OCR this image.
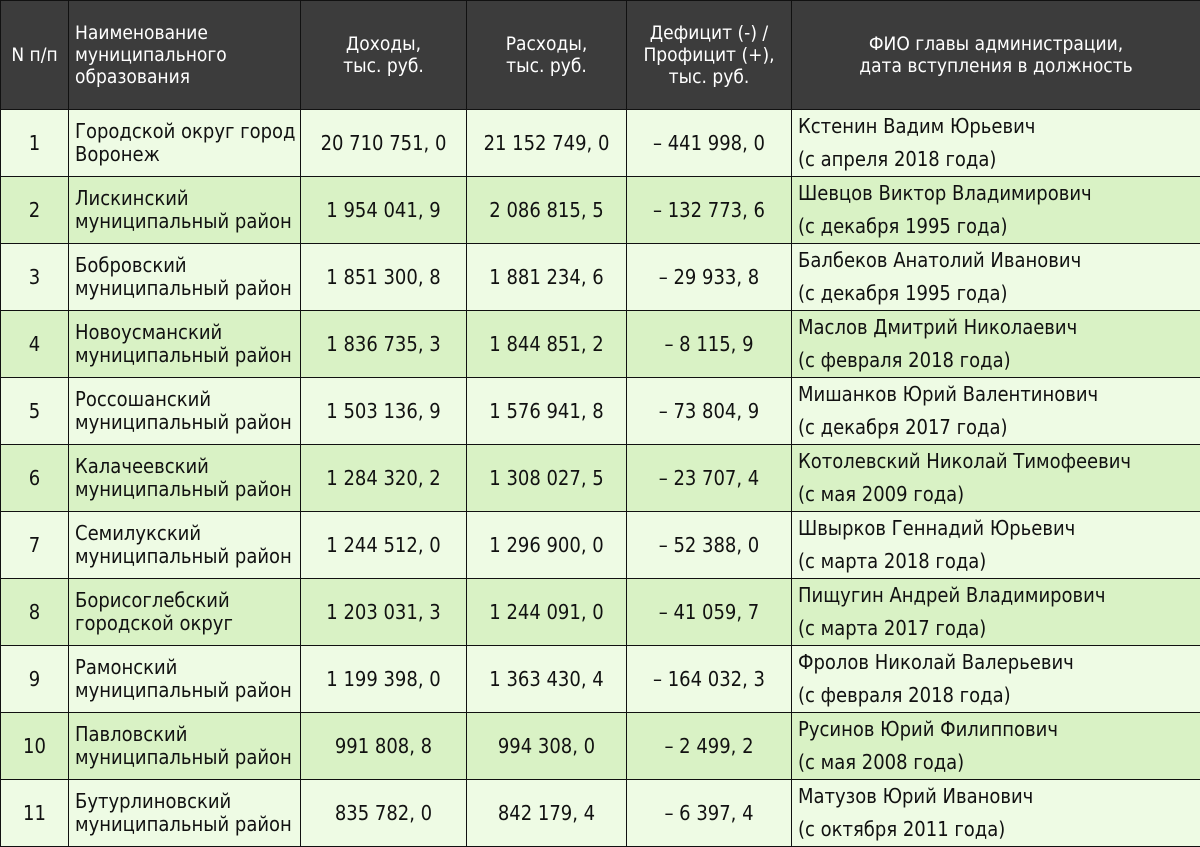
N п/п	Наименование
муниципального
образования	Доходы,
тыс. руб.	Расходы,
тыс. руб.	Дефицит (-) /
Профицит (+),
тыс. руб.	ФИО главы администрации,
дата вступления в должность

1	Городской округ город
Воронеж	20 710 751, 0	21 152 749, 0	– 441 998, 0	Кстенин Вадим Юрьевич
(с апреля 2018 года)

2	Лискинский
муниципальный район	1 954 041, 9	2 086 815, 5	– 132 773, 6	Шевцов Виктор Владимирович
(с декабря 1995 года)

3	Бобровский
муниципальный район	1 851 300, 8	1 881 234, 6	– 29 933, 8	Балбеков Анатолий Иванович
(с декабря 1995 года)

4	Новоусманский
муниципальный район	1 836 735, 3	1 844 851, 2	– 8 115, 9	Маслов Дмитрий Николаевич
(с февраля 2018 года)

5	Россошанский
муниципальный район	1 503 136, 9	1 576 941, 8	– 73 804, 9	Мишанков Юрий Валентинович
(с декабря 2017 года)

6	Калачеевский
муниципальный район	1 284 320, 2	1 308 027, 5	– 23 707, 4	Котолевский Николай Тимофеевич
(с мая 2009 года)

7	Семилукский
муниципальный район	1 244 512, 0	1 296 900, 0	– 52 388, 0	Швырков Геннадий Юрьевич
(с марта 2018 года)

8	Борисоглебский
городской округ	1 203 031, 3	1 244 091, 0	– 41 059, 7	Пищугин Андрей Владимирович
(с марта 2017 года)

9	Рамонский
муниципальный район	1 199 398, 0	1 363 430, 4	– 164 032, 3	Фролов Николай Валерьевич
(с февраля 2018 года)

10	Павловский
муниципальный район	991 808, 8	994 308, 0	– 2 499, 2	Русинов Юрий Филиппович
(с мая 2008 года)

11	Бутурлиновский
муниципальный район	835 782, 0	842 179, 4	– 6 397, 4	Матузов Юрий Иванович
(с октября 2011 года)
